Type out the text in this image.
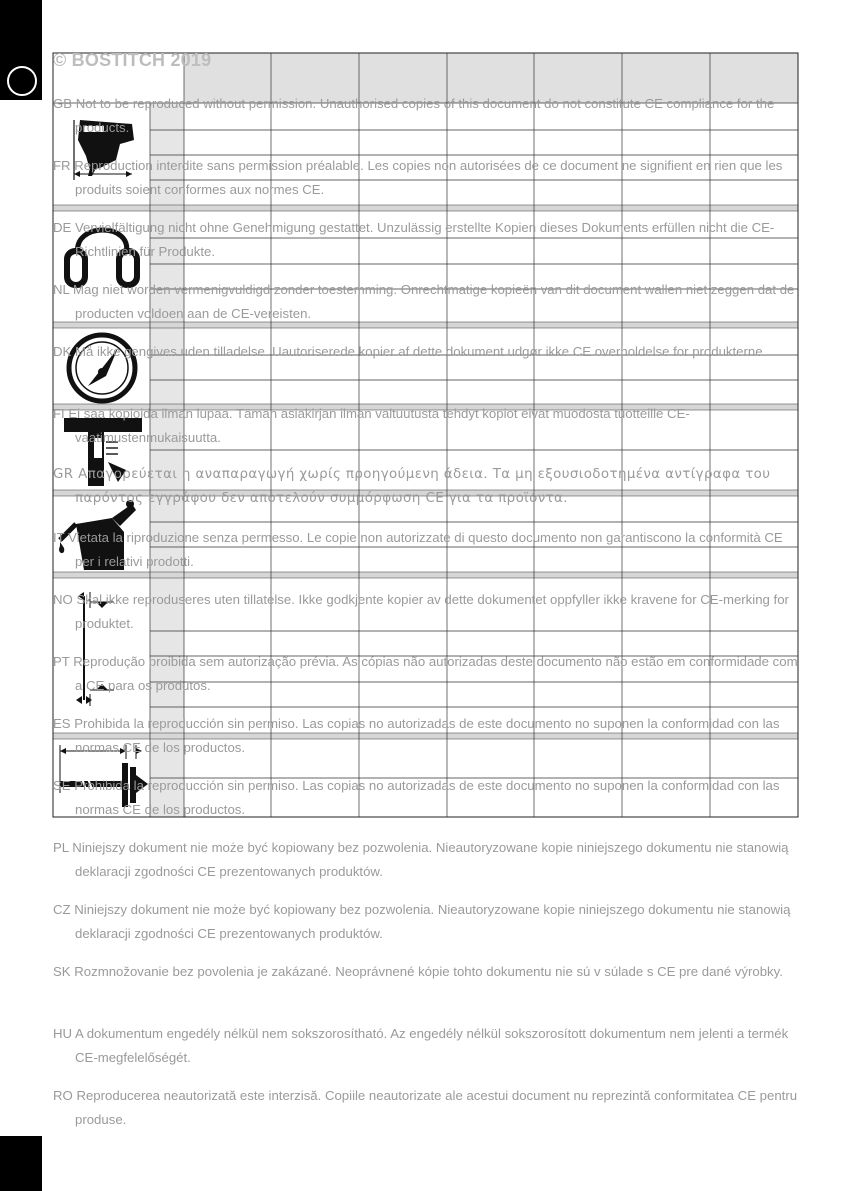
© BOSTITCH 2019

GB Not to be reproduced without permission. Unauthorised copies of this document do not constitute CE compliance for the products.

FR Reproduction interdite sans permission préalable. Les copies non autorisées de ce document ne signifient en rien que les produits soient conformes aux normes CE.

DE Vervielfältigung nicht ohne Genehmigung gestattet. Unzulässig erstellte Kopien dieses Dokuments erfüllen nicht die CE-Richtlinien für Produkte.

NL Mag niet worden vermenigvuldigd zonder toestemming. Onrechtmatige kopieën van dit document wallen niet zeggen dat de producten voldoen aan de CE-vereisten.

DK Må ikke gengives uden tilladelse. Uautoriserede kopier af dette dokument udgør ikke CE overholdelse for produkterne.

FI Ei saa kopioida ilman lupaa. Tämän asiakirjan ilman valtuutusta tehdyt kopiot eivät muodosta tuotteille CE-vaatimustenmukaisuutta.

GR Απαγορεύεται η αναπαραγωγή χωρίς προηγούμενη άδεια. Τα μη εξουσιοδοτημένα αντίγραφα του παρόντος εγγράφου δεν αποτελούν συμμόρφωση CE για τα προϊόντα.

IT Vietata la riproduzione senza permesso. Le copie non autorizzate di questo documento non garantiscono la conformità CE per i relativi prodotti.

NO Skal ikke reproduseres uten tillatelse. Ikke godkjente kopier av dette dokumentet oppfyller ikke kravene for CE-merking for produktet.

PT Reprodução proibida sem autorização prévia. As cópias não autorizadas deste documento não estão em conformidade com a CE para os produtos.

ES Prohibida la reproducción sin permiso. Las copias no autorizadas de este documento no suponen la conformidad con las normas CE de los productos.

SE Prohibida la reproducción sin permiso. Las copias no autorizadas de este documento no suponen la conformidad con las normas CE de los productos.

PL Niniejszy dokument nie może być kopiowany bez pozwolenia. Nieautoryzowane kopie niniejszego dokumentu nie stanowią deklaracji zgodności CE prezentowanych produktów.

CZ Niniejszy dokument nie może być kopiowany bez pozwolenia. Nieautoryzowane kopie niniejszego dokumentu nie stanowią deklaracji zgodności CE prezentowanych produktów.

SK Rozmnožovanie bez povolenia je zakázané. Neoprávnené kópie tohto dokumentu nie sú v súlade s CE pre dané výrobky.

HU A dokumentum engedély nélkül nem sokszorosítható. Az engedély nélkül sokszorosított dokumentum nem jelenti a termék CE-megfelelőségét.

RO Reproducerea neautorizată este interzisă. Copiile neautorizate ale acestui document nu reprezintă conformitatea CE pentru produse.
